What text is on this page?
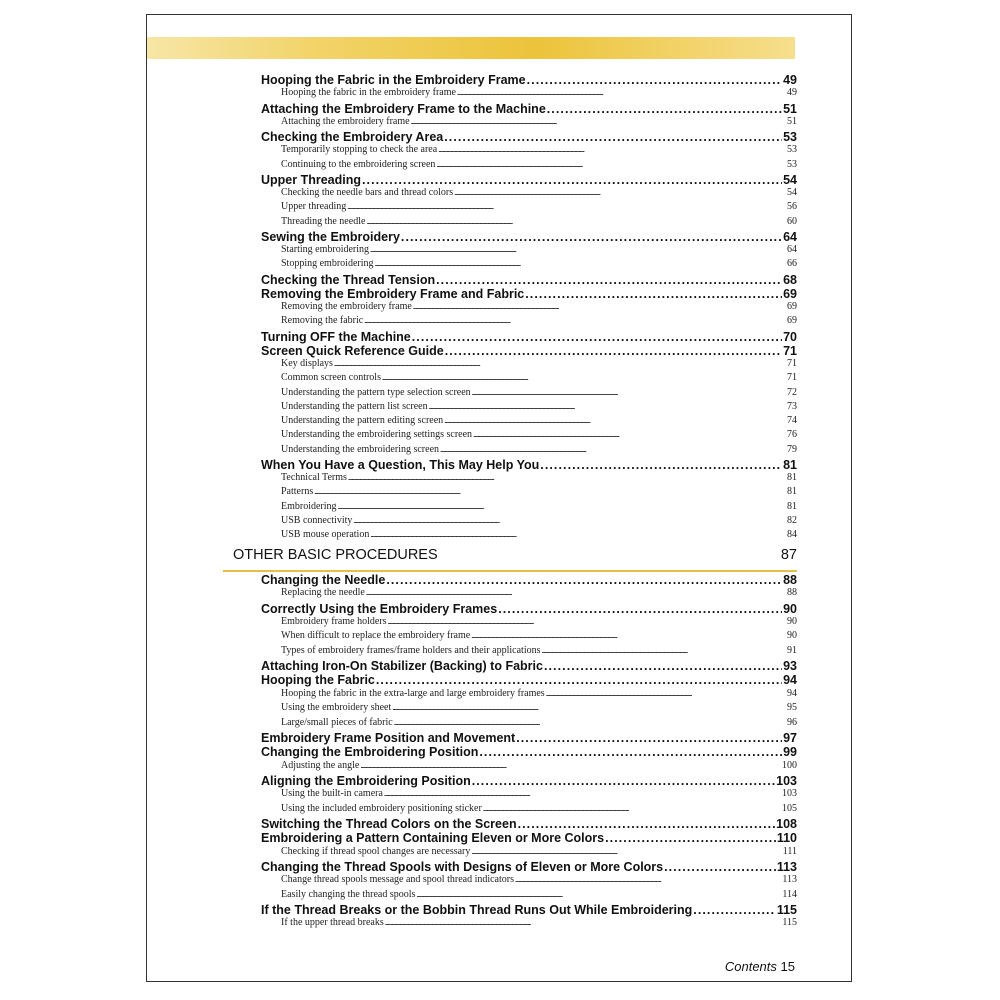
Hooping the Fabric in the Embroidery Frame . . .	49
Hooping the fabric in the embroidery frame . . .	49
Attaching the Embroidery Frame to the Machine . . .	51
Attaching the embroidery frame . . .	51
Checking the Embroidery Area . . .	53
Temporarily stopping to check the area . . .	53
Continuing to the embroidering screen . . .	53
Upper Threading . . .	54
Checking the needle bars and thread colors . . .	54
Upper threading . . .	56
Threading the needle . . .	60
Sewing the Embroidery . . .	64
Starting embroidering . . .	64
Stopping embroidering . . .	66
Checking the Thread Tension . . .	68
Removing the Embroidery Frame and Fabric . . .	69
Removing the embroidery frame . . .	69
Removing the fabric . . .	69
Turning OFF the Machine . . .	70
Screen Quick Reference Guide . . .	71
Key displays . . .	71
Common screen controls . . .	71
Understanding the pattern type selection screen . . .	72
Understanding the pattern list screen . . .	73
Understanding the pattern editing screen . . .	74
Understanding the embroidering settings screen . . .	76
Understanding the embroidering screen . . .	79
When You Have a Question, This May Help You . . .	81
Technical Terms . . .	81
Patterns . . .	81
Embroidering . . .	81
USB connectivity . . .	82
USB mouse operation . . .	84
OTHER BASIC PROCEDURES	87
Changing the Needle . . .	88
Replacing the needle . . .	88
Correctly Using the Embroidery Frames . . .	90
Embroidery frame holders . . .	90
When difficult to replace the embroidery frame . . .	90
Types of embroidery frames/frame holders and their applications . . .	91
Attaching Iron-On Stabilizer (Backing) to Fabric . . .	93
Hooping the Fabric . . .	94
Hooping the fabric in the extra-large and large embroidery frames . . .	94
Using the embroidery sheet . . .	95
Large/small pieces of fabric . . .	96
Embroidery Frame Position and Movement . . .	97
Changing the Embroidering Position . . .	99
Adjusting the angle . . .	100
Aligning the Embroidering Position . . .	103
Using the built-in camera . . .	103
Using the included embroidery positioning sticker . . .	105
Switching the Thread Colors on the Screen . . .	108
Embroidering a Pattern Containing Eleven or More Colors . . .	110
Checking if thread spool changes are necessary . . .	111
Changing the Thread Spools with Designs of Eleven or More Colors . . .	113
Change thread spools message and spool thread indicators . . .	113
Easily changing the thread spools . . .	114
If the Thread Breaks or the Bobbin Thread Runs Out While Embroidering . . .	115
If the upper thread breaks . . .	115
Contents 15
